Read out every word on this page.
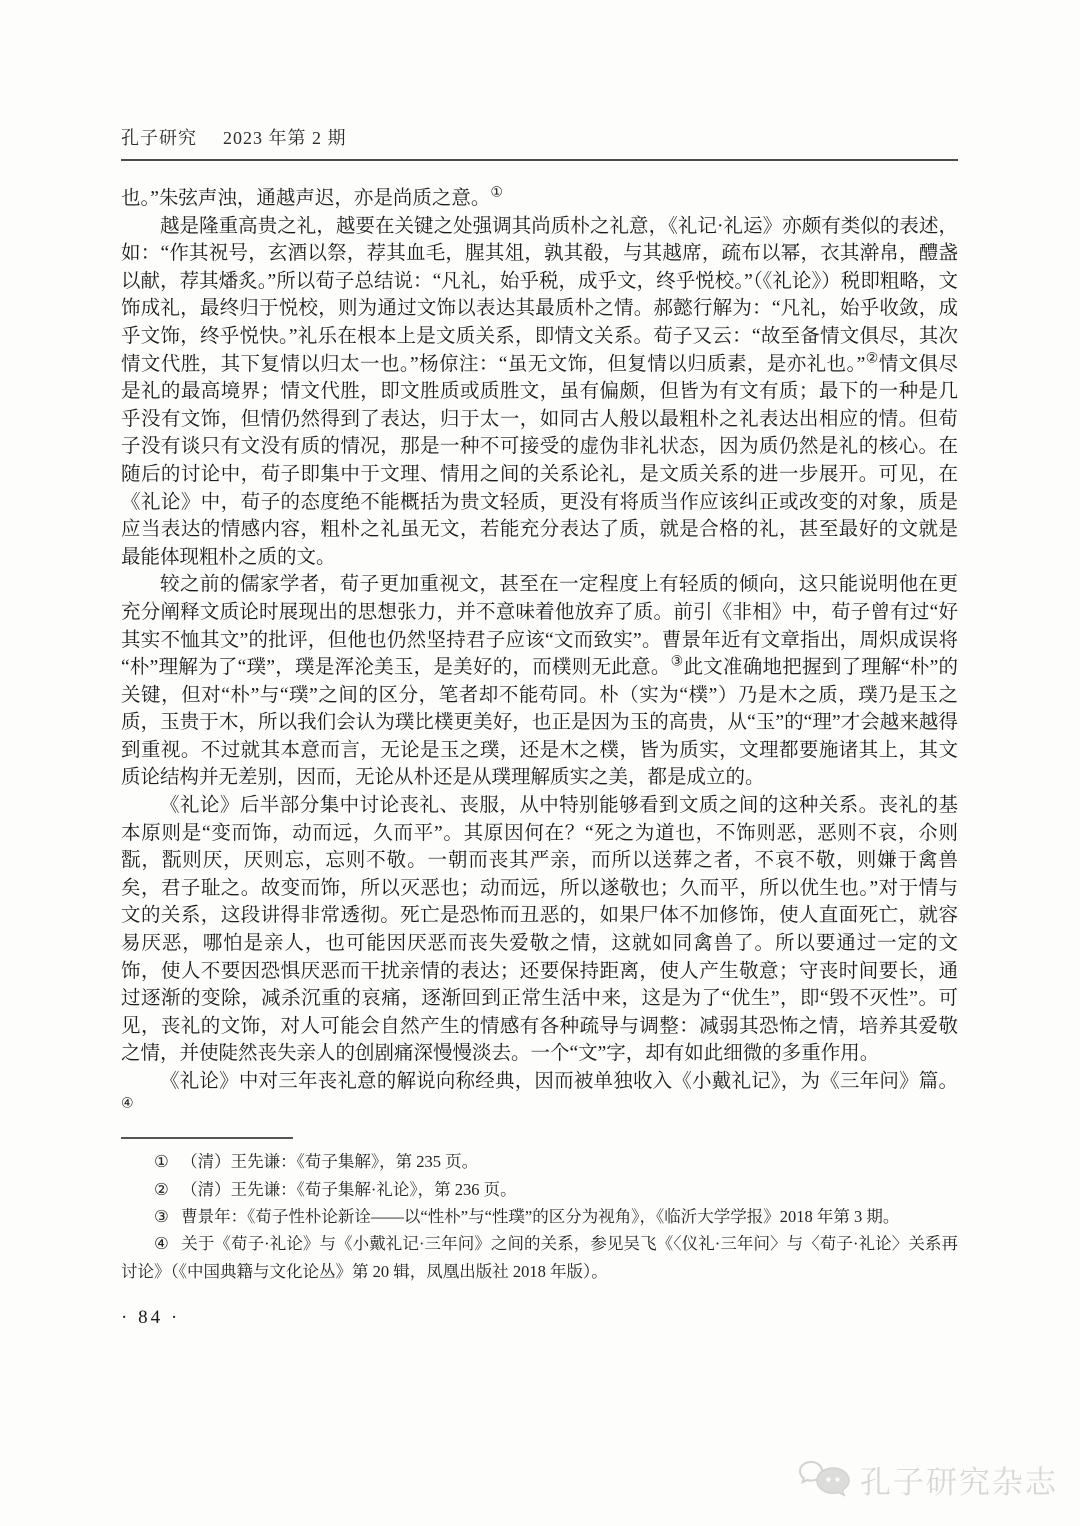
孔子研究 2023 年第 2 期

也。”朱弦声浊，通越声迟，亦是尚质之意。①

越是隆重高贵之礼，越要在关键之处强调其尚质朴之礼意，《礼记·礼运》亦颇有类似的表述，如：“作其祝号，玄酒以祭，荐其血毛，腥其俎，孰其殽，与其越席，疏布以幂，衣其澣帛，醴盏以献，荐其燔炙。”所以荀子总结说：“凡礼，始乎税，成乎文，终乎悦校。”（《礼论》）税即粗略，文饰成礼，最终归于悦校，则为通过文饰以表达其最质朴之情。郝懿行解为：“凡礼，始乎收敛，成乎文饰，终乎悦快。”礼乐在根本上是文质关系，即情文关系。荀子又云：“故至备情文俱尽，其次情文代胜，其下复情以归太一也。”杨倞注：“虽无文饰，但复情以归质素，是亦礼也。”②情文俱尽是礼的最高境界；情文代胜，即文胜质或质胜文，虽有偏颇，但皆为有文有质；最下的一种是几乎没有文饰，但情仍然得到了表达，归于太一，如同古人般以最粗朴之礼表达出相应的情。但荀子没有谈只有文没有质的情况，那是一种不可接受的虚伪非礼状态，因为质仍然是礼的核心。在随后的讨论中，荀子即集中于文理、情用之间的关系论礼，是文质关系的进一步展开。可见，在《礼论》中，荀子的态度绝不能概括为贵文轻质，更没有将质当作应该纠正或改变的对象，质是应当表达的情感内容，粗朴之礼虽无文，若能充分表达了质，就是合格的礼，甚至最好的文就是最能体现粗朴之质的文。

较之前的儒家学者，荀子更加重视文，甚至在一定程度上有轻质的倾向，这只能说明他在更充分阐释文质论时展现出的思想张力，并不意味着他放弃了质。前引《非相》中，荀子曾有过“好其实不恤其文”的批评，但他也仍然坚持君子应该“文而致实”。曹景年近有文章指出，周炽成误将“朴”理解为了“璞”，璞是浑沦美玉，是美好的，而樸则无此意。③此文准确地把握到了理解“朴”的关键，但对“朴”与“璞”之间的区分，笔者却不能苟同。朴（实为“樸”）乃是木之质，璞乃是玉之质，玉贵于木，所以我们会认为璞比樸更美好，也正是因为玉的高贵，从“玉”的“理”才会越来越得到重视。不过就其本意而言，无论是玉之璞，还是木之樸，皆为质实，文理都要施诸其上，其文质论结构并无差别，因而，无论从朴还是从璞理解质实之美，都是成立的。

《礼论》后半部分集中讨论丧礼、丧服，从中特别能够看到文质之间的这种关系。丧礼的基本原则是“变而饰，动而远，久而平”。其原因何在？“死之为道也，不饰则恶，恶则不哀，尒则翫，翫则厌，厌则忘，忘则不敬。一朝而丧其严亲，而所以送葬之者，不哀不敬，则嫌于禽兽矣，君子耻之。故变而饰，所以灭恶也；动而远，所以遂敬也；久而平，所以优生也。”对于情与文的关系，这段讲得非常透彻。死亡是恐怖而丑恶的，如果尸体不加修饰，使人直面死亡，就容易厌恶，哪怕是亲人，也可能因厌恶而丧失爱敬之情，这就如同禽兽了。所以要通过一定的文饰，使人不要因恐惧厌恶而干扰亲情的表达；还要保持距离，使人产生敬意；守丧时间要长，通过逐渐的变除，减杀沉重的哀痛，逐渐回到正常生活中来，这是为了“优生”，即“毁不灭性”。可见，丧礼的文饰，对人可能会自然产生的情感有各种疏导与调整：减弱其恐怖之情，培养其爱敬之情，并使陡然丧失亲人的创剧痛深慢慢淡去。一个“文”字，却有如此细微的多重作用。

《礼论》中对三年丧礼意的解说向称经典，因而被单独收入《小戴礼记》，为《三年问》篇。④

① （清）王先谦：《荀子集解》，第 235 页。

② （清）王先谦：《荀子集解·礼论》，第 236 页。

③ 曹景年：《荀子性朴论新诠——以“性朴”与“性璞”的区分为视角》，《临沂大学学报》2018 年第 3 期。

④ 关于《荀子·礼论》与《小戴礼记·三年问》之间的关系，参见吴飞《〈仪礼·三年问〉与〈荀子·礼论〉关系再讨论》（《中国典籍与文化论丛》第 20 辑，凤凰出版社 2018 年版）。

· 84 ·
孔子研究杂志
